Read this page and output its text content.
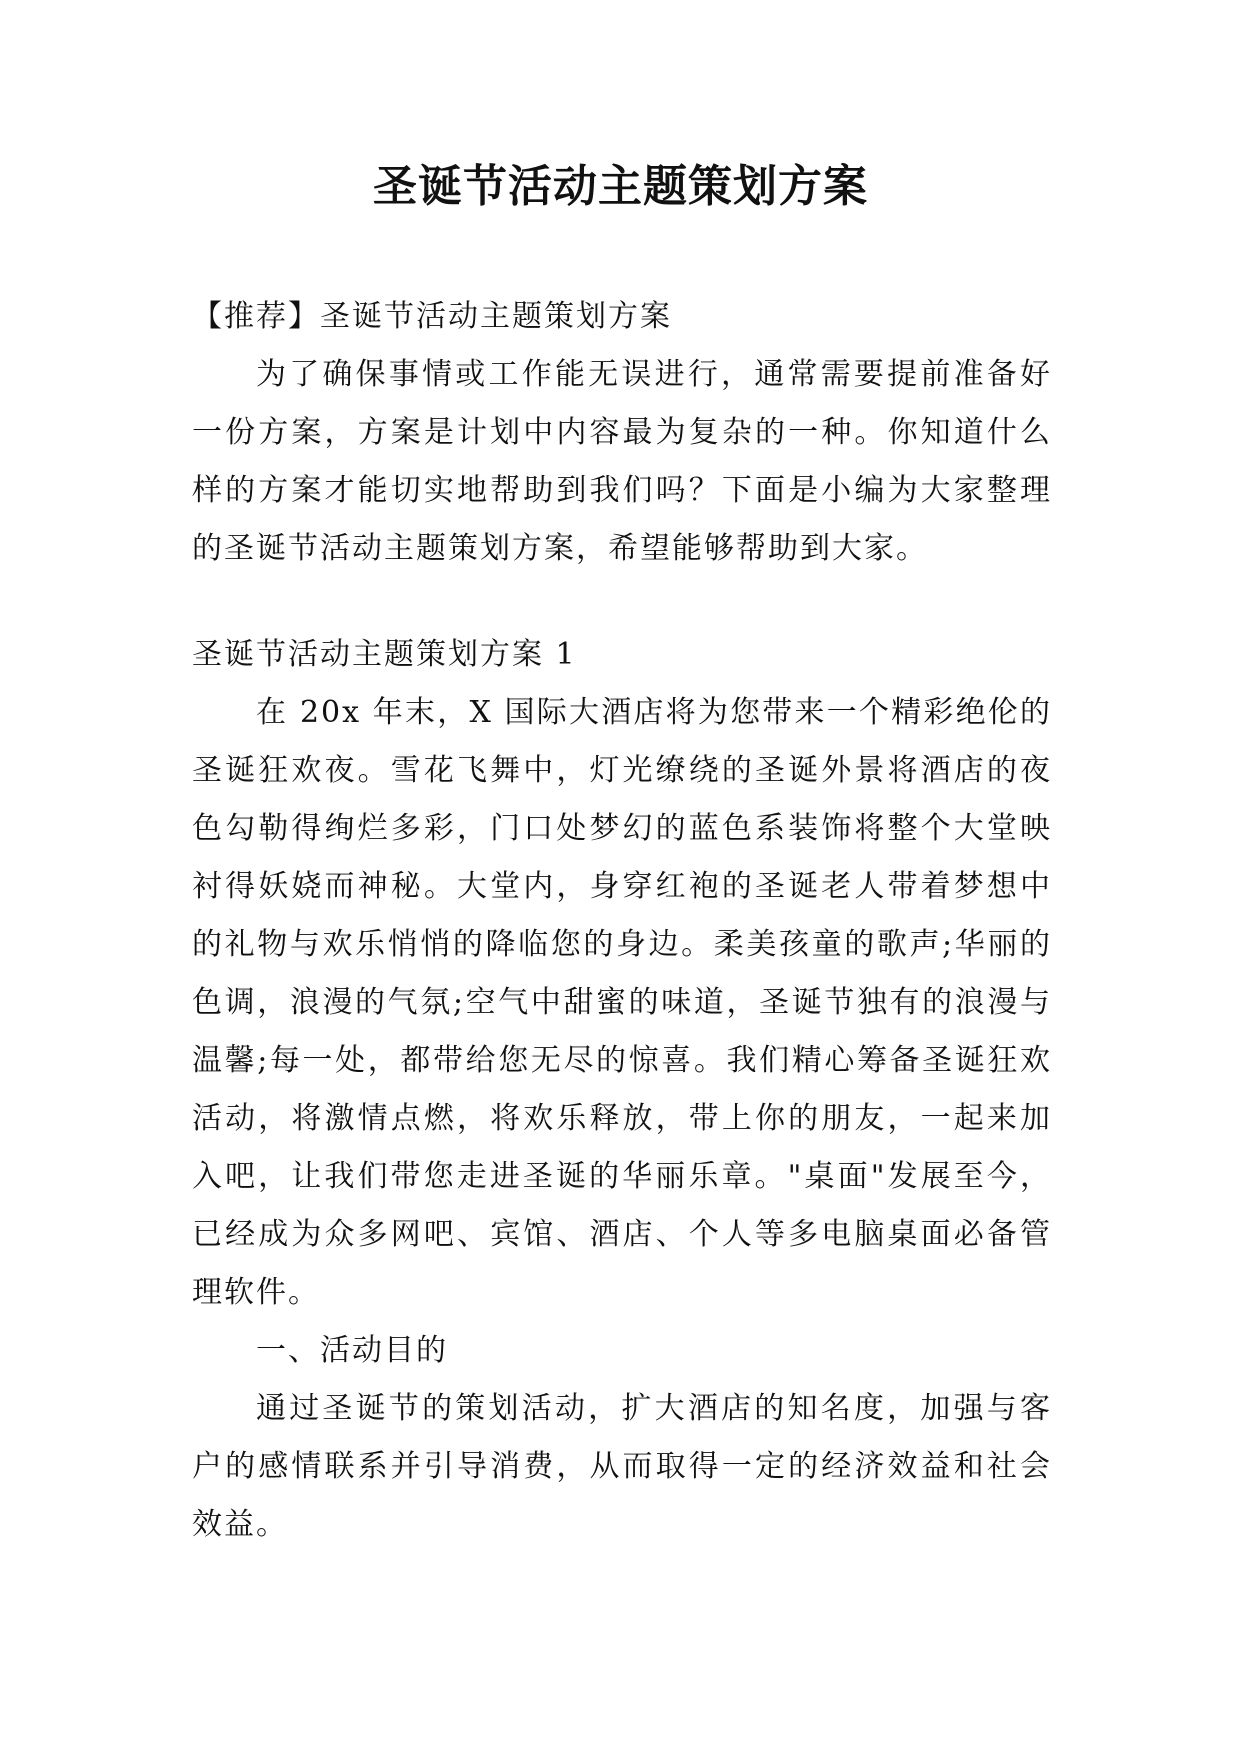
圣诞节活动主题策划方案

【推荐】圣诞节活动主题策划方案

为了确保事情或工作能无误进行，通常需要提前准备好一份方案，方案是计划中内容最为复杂的一种。你知道什么样的方案才能切实地帮助到我们吗？下面是小编为大家整理的圣诞节活动主题策划方案，希望能够帮助到大家。

圣诞节活动主题策划方案 1

在 20x 年末，X 国际大酒店将为您带来一个精彩绝伦的圣诞狂欢夜。雪花飞舞中，灯光缭绕的圣诞外景将酒店的夜色勾勒得绚烂多彩，门口处梦幻的蓝色系装饰将整个大堂映衬得妖娆而神秘。大堂内，身穿红袍的圣诞老人带着梦想中的礼物与欢乐悄悄的降临您的身边。柔美孩童的歌声;华丽的色调，浪漫的气氛;空气中甜蜜的味道，圣诞节独有的浪漫与温馨;每一处，都带给您无尽的惊喜。我们精心筹备圣诞狂欢活动，将激情点燃，将欢乐释放，带上你的朋友，一起来加入吧，让我们带您走进圣诞的华丽乐章。"桌面"发展至今，已经成为众多网吧、宾馆、酒店、个人等多电脑桌面必备管理软件。

一、活动目的

通过圣诞节的策划活动，扩大酒店的知名度，加强与客户的感情联系并引导消费，从而取得一定的经济效益和社会效益。
